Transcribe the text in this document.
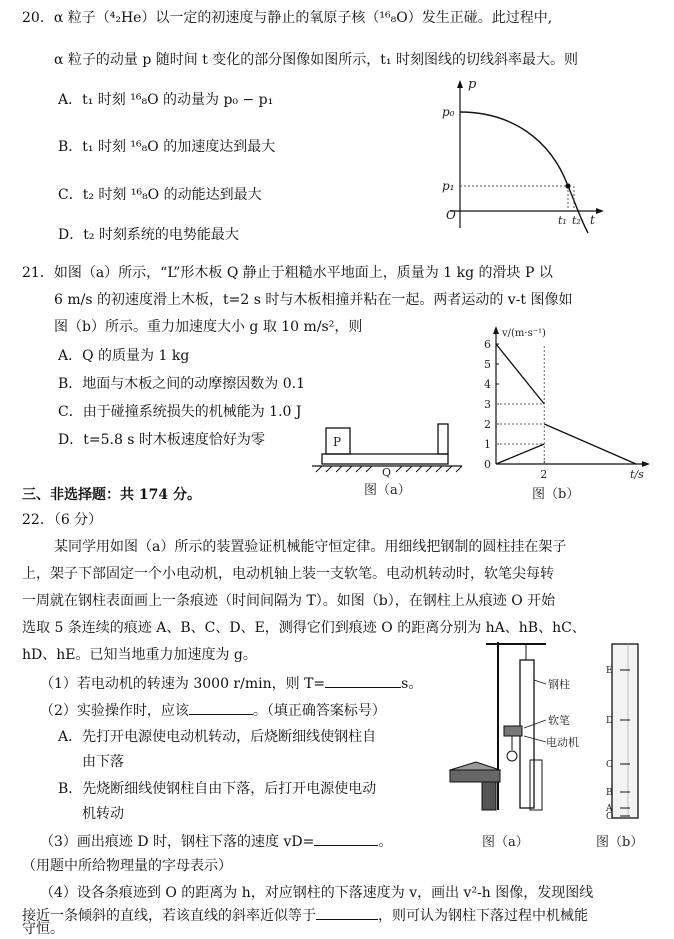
20．α 粒子（⁴₂He）以一定的初速度与静止的氧原子核（¹⁶₈O）发生正碰。此过程中,
α 粒子的动量 p 随时间 t 变化的部分图像如图所示，t₁ 时刻图线的切线斜率最大。则
A．t₁ 时刻 ¹⁶₈O 的动量为 p₀ − p₁
B．t₁ 时刻 ¹⁶₈O 的加速度达到最大
C．t₂ 时刻 ¹⁶₈O 的动能达到最大
D．t₂ 时刻系统的电势能最大
p
p₀
p₁
O	t₁ t₂ t
21．如图（a）所示，“L”形木板 Q 静止于粗糙水平地面上，质量为 1 kg 的滑块 P 以
6 m/s 的初速度滑上木板，t=2 s 时与木板相撞并粘在一起。两者运动的 v-t 图像如
图（b）所示。重力加速度大小 g 取 10 m/s²，则
A．Q 的质量为 1 kg
B．地面与木板之间的动摩擦因数为 0.1
C．由于碰撞系统损失的机械能为 1.0 J
D．t=5.8 s 时木板速度恰好为零	P
Q
图（a）
0
1
2
3
4
5
6
2
v/(m·s⁻¹)
t/s
图（b）
三、非选择题：共 174 分。
22．（6 分）
某同学用如图（a）所示的装置验证机械能守恒定律。用细线把钢制的圆柱挂在架子
上，架子下部固定一个小电动机，电动机轴上装一支软笔。电动机转动时，软笔尖每转
一周就在钢柱表面画上一条痕迹（时间间隔为 T）。如图（b），在钢柱上从痕迹 O 开始
选取 5 条连续的痕迹 A、B、C、D、E，测得它们到痕迹 O 的距离分别为 hA、hB、hC、
hD、hE。已知当地重力加速度为 g。
（1）若电动机的转速为 3000 r/min，则 T=	s。
（2）实验操作时，应该	。（填正确答案标号）
A．先打开电源使电动机转动，后烧断细线使钢柱自
由下落
B．先烧断细线使钢柱自由下落，后打开电源使电动
机转动
（3）画出痕迹 D 时，钢柱下落的速度 vD=	。
（用题中所给物理量的字母表示）
（4）设各条痕迹到 O 的距离为 h，对应钢柱的下落速度为 v，画出 v²-h 图像，发现图线
接近一条倾斜的直线，若该直线的斜率近似等于	，则可认为钢柱下落过程中机械能
守恒。
钢柱
软笔
电动机
图（a）
E
D
C
B
A
O
图（b）
